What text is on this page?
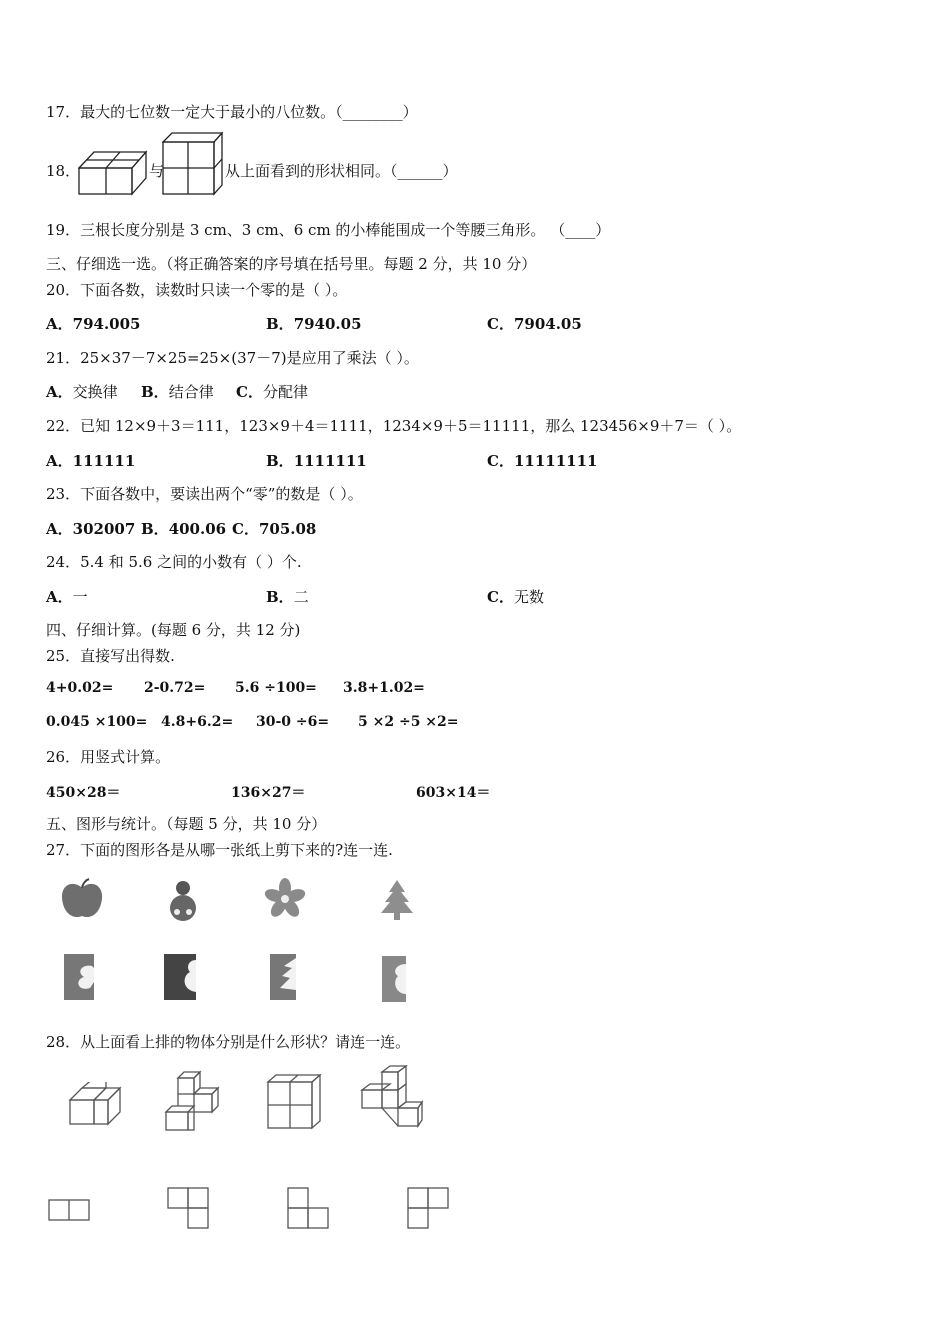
17．最大的七位数一定大于最小的八位数。（________）
18．	与	从上面看到的形状相同。（______）
19．三根长度分别是 3 cm、3 cm、6 cm 的小棒能围成一个等腰三角形。 （____）
三、仔细选一选。（将正确答案的序号填在括号里。每题 2 分，共 10 分）
20．下面各数，读数时只读一个零的是（ ）。
A．794.005	B．7940.05	C．7904.05
21．25×37－7×25=25×(37－7)是应用了乘法（ ）。
A．交换律 B．结合律 C．分配律
22．已知 12×9＋3＝111，123×9＋4＝1111，1234×9＋5＝11111，那么 123456×9＋7＝（ ）。
A．111111	B．1111111	C．11111111
23．下面各数中，要读出两个“零”的数是（ ）。
A．302007 B．400.06 C．705.08
24．5.4 和 5.6 之间的小数有（ ）个.
A．一	B．二	C．无数
四、仔细计算。(每题 6 分，共 12 分)
25．直接写出得数.
4+0.02= 2-0.72= 5.6 ÷100= 3.8+1.02=
0.045 ×100= 4.8+6.2= 30-0 ÷6= 5 ×2 ÷5 ×2=
26．用竖式计算。
450×28＝	136×27＝	603×14＝
五、图形与统计。（每题 5 分，共 10 分）
27．下面的图形各是从哪一张纸上剪下来的?连一连.
28．从上面看上排的物体分别是什么形状？请连一连。
